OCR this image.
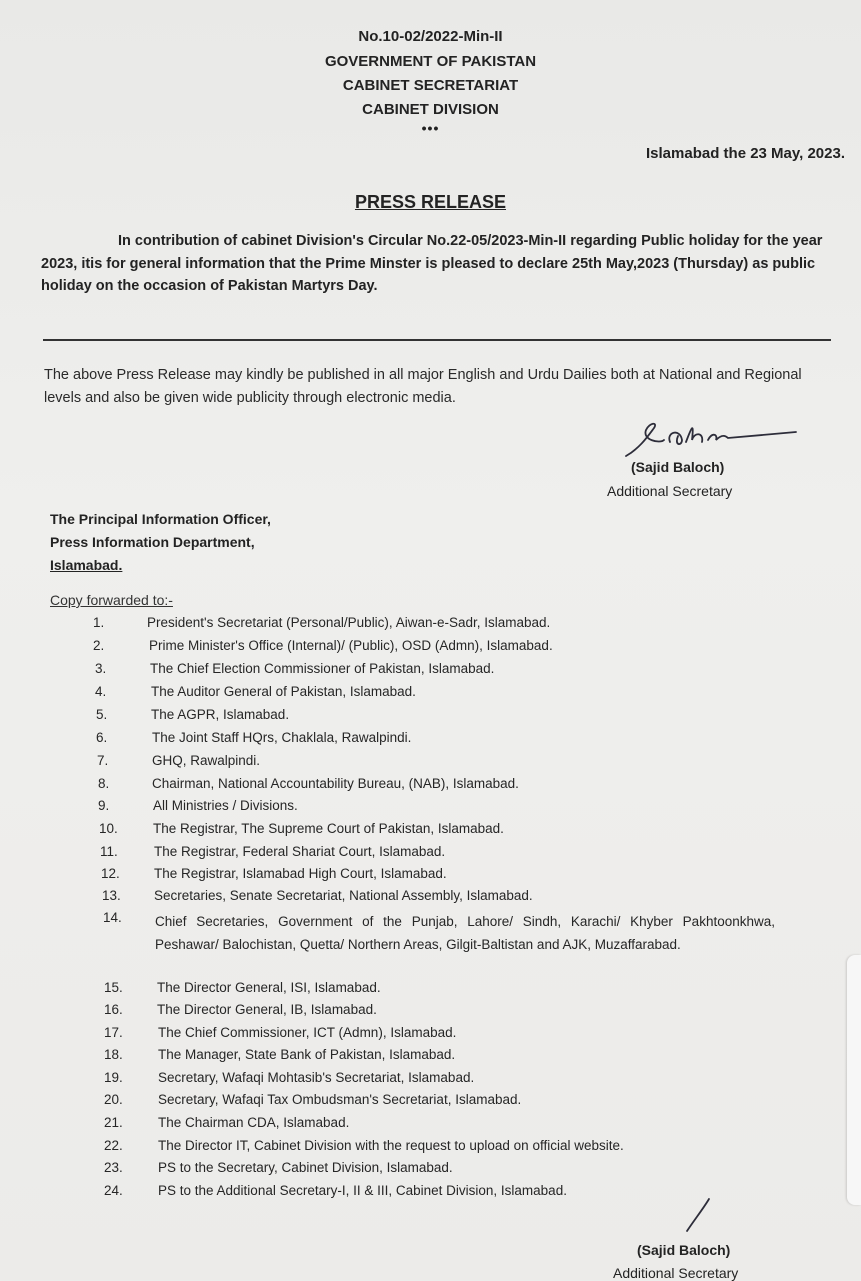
No.10-02/2022-Min-II
GOVERNMENT OF PAKISTAN
CABINET SECRETARIAT
CABINET DIVISION
•••
Islamabad the 23 May, 2023.
PRESS RELEASE
In contribution of cabinet Division's Circular No.22-05/2023-Min-II regarding Public holiday for the year 2023, itis for general information that the Prime Minster is pleased to declare 25th May,2023 (Thursday) as public holiday on the occasion of Pakistan Martyrs Day.
The above Press Release may kindly be published in all major English and Urdu Dailies both at National and Regional levels and also be given wide publicity through electronic media.
(Sajid Baloch)
Additional Secretary
The Principal Information Officer,
Press Information Department,
Islamabad.
Copy forwarded to:-
1.	President's Secretariat (Personal/Public), Aiwan-e-Sadr, Islamabad.
2.	Prime Minister's Office (Internal)/ (Public), OSD (Admn), Islamabad.
3.	The Chief Election Commissioner of Pakistan, Islamabad.
4.	The Auditor General of Pakistan, Islamabad.
5.	The AGPR, Islamabad.
6.	The Joint Staff HQrs, Chaklala, Rawalpindi.
7.	GHQ, Rawalpindi.
8.	Chairman, National Accountability Bureau, (NAB), Islamabad.
9.	All Ministries / Divisions.
10.	The Registrar, The Supreme Court of Pakistan, Islamabad.
11.	The Registrar, Federal Shariat Court, Islamabad.
12.	The Registrar, Islamabad High Court, Islamabad.
13.	Secretaries, Senate Secretariat, National Assembly, Islamabad.
14.	Chief Secretaries, Government of the Punjab, Lahore/ Sindh, Karachi/ Khyber Pakhtoonkhwa, Peshawar/ Balochistan, Quetta/ Northern Areas, Gilgit-Baltistan and AJK, Muzaffarabad.
15.	The Director General, ISI, Islamabad.
16.	The Director General, IB, Islamabad.
17.	The Chief Commissioner, ICT (Admn), Islamabad.
18.	The Manager, State Bank of Pakistan, Islamabad.
19.	Secretary, Wafaqi Mohtasib's Secretariat, Islamabad.
20.	Secretary, Wafaqi Tax Ombudsman's Secretariat, Islamabad.
21.	The Chairman CDA, Islamabad.
22.	The Director IT, Cabinet Division with the request to upload on official website.
23.	PS to the Secretary, Cabinet Division, Islamabad.
24.	PS to the Additional Secretary-I, II & III, Cabinet Division, Islamabad.
(Sajid Baloch)
Additional Secretary
